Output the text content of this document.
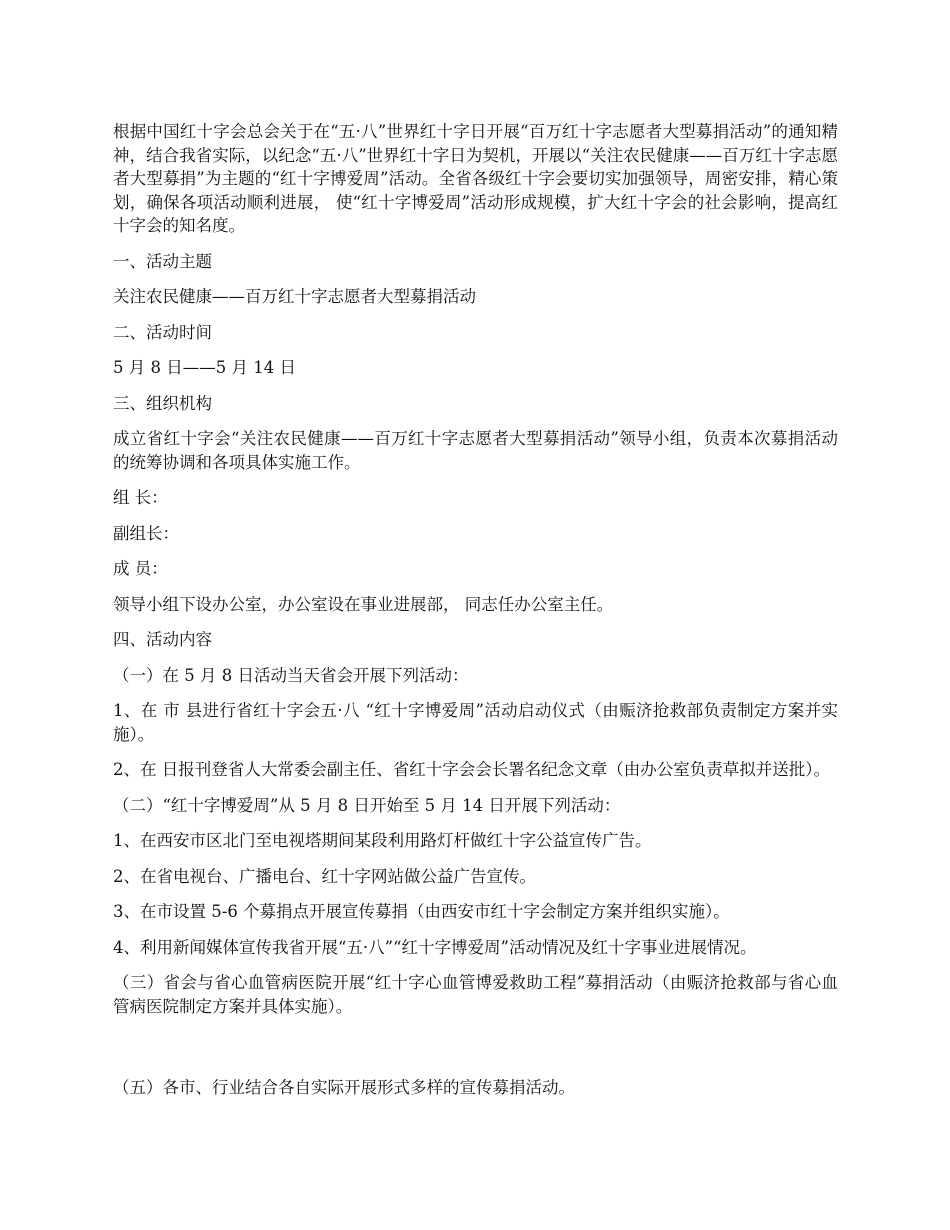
根据中国红十字会总会关于在“五·八”世界红十字日开展“百万红十字志愿者大型募捐活动”的通知精神，结合我省实际，以纪念“五·八”世界红十字日为契机，开展以“关注农民健康——百万红十字志愿者大型募捐”为主题的“红十字博爱周”活动。全省各级红十字会要切实加强领导，周密安排，精心策划，确保各项活动顺利进展， 使“红十字博爱周”活动形成规模，扩大红十字会的社会影响，提高红十字会的知名度。

一、活动主题

关注农民健康——百万红十字志愿者大型募捐活动

二、活动时间

5 月 8 日——5 月 14 日

三、组织机构

成立省红十字会“关注农民健康——百万红十字志愿者大型募捐活动”领导小组，负责本次募捐活动的统筹协调和各项具体实施工作。

组 长：

副组长：

成 员：

领导小组下设办公室，办公室设在事业进展部， 同志任办公室主任。

四、活动内容

（一）在 5 月 8 日活动当天省会开展下列活动：

1、在 市 县进行省红十字会五·八 “红十字博爱周”活动启动仪式（由赈济抢救部负责制定方案并实施）。

2、在 日报刊登省人大常委会副主任、省红十字会会长署名纪念文章（由办公室负责草拟并送批）。

（二）“红十字博爱周”从 5 月 8 日开始至 5 月 14 日开展下列活动：

1、在西安市区北门至电视塔期间某段利用路灯杆做红十字公益宣传广告。

2、在省电视台、广播电台、红十字网站做公益广告宣传。

3、在市设置 5-6 个募捐点开展宣传募捐（由西安市红十字会制定方案并组织实施）。

4、利用新闻媒体宣传我省开展“五·八”“红十字博爱周”活动情况及红十字事业进展情况。

（三）省会与省心血管病医院开展“红十字心血管博爱救助工程”募捐活动（由赈济抢救部与省心血管病医院制定方案并具体实施）。

（五）各市、行业结合各自实际开展形式多样的宣传募捐活动。
